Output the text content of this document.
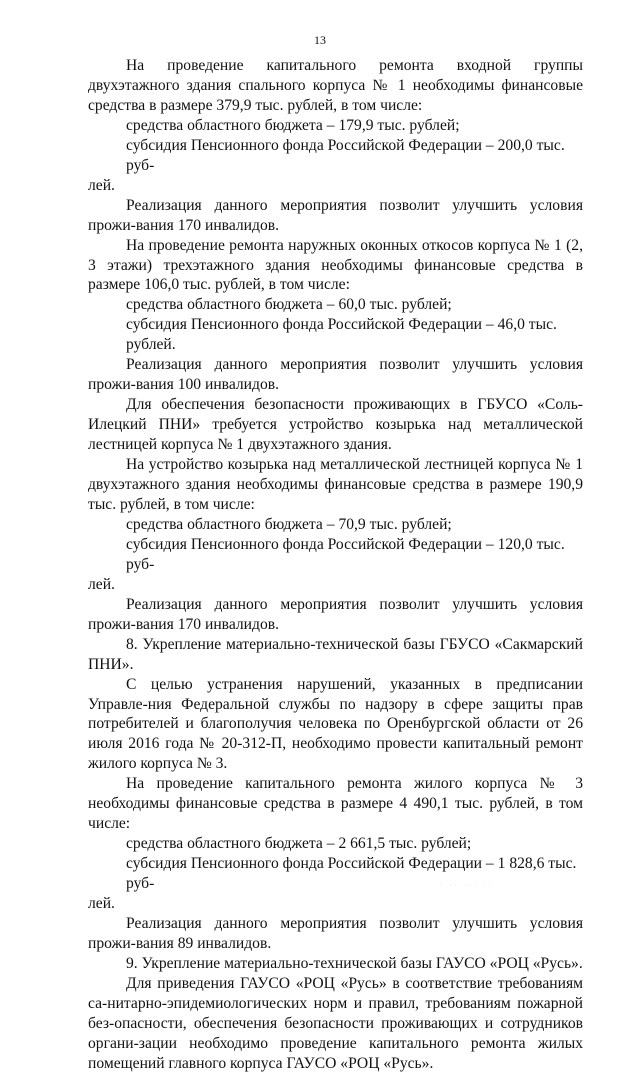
13

На проведение капитального ремонта входной группы двухэтажного здания спального корпуса № 1 необходимы финансовые средства в размере 379,9 тыс. рублей, в том числе:

средства областного бюджета – 179,9 тыс. рублей;

субсидия Пенсионного фонда Российской Федерации – 200,0 тыс. руб-

лей.

Реализация данного мероприятия позволит улучшить условия прожи-вания 170 инвалидов.

На проведение ремонта наружных оконных откосов корпуса № 1 (2, 3 этажи) трехэтажного здания необходимы финансовые средства в размере 106,0 тыс. рублей, в том числе:

средства областного бюджета – 60,0 тыс. рублей;

субсидия Пенсионного фонда Российской Федерации – 46,0 тыс. рублей.

Реализация данного мероприятия позволит улучшить условия прожи-вания 100 инвалидов.

Для обеспечения безопасности проживающих в ГБУСО «Соль-Илецкий ПНИ» требуется устройство козырька над металлической лестницей корпуса № 1 двухэтажного здания.

На устройство козырька над металлической лестницей корпуса № 1 двухэтажного здания необходимы финансовые средства в размере 190,9 тыс. рублей, в том числе:

средства областного бюджета – 70,9 тыс. рублей;

субсидия Пенсионного фонда Российской Федерации – 120,0 тыс. руб-

лей.

Реализация данного мероприятия позволит улучшить условия прожи-вания 170 инвалидов.

8. Укрепление материально-технической базы ГБУСО «Сакмарский ПНИ».

С целью устранения нарушений, указанных в предписании Управле-ния Федеральной службы по надзору в сфере защиты прав потребителей и благополучия человека по Оренбургской области от 26 июля 2016 года № 20-312-П, необходимо провести капитальный ремонт жилого корпуса № 3.

На проведение капитального ремонта жилого корпуса № 3 необходимы финансовые средства в размере 4 490,1 тыс. рублей, в том числе:

средства областного бюджета – 2 661,5 тыс. рублей;

субсидия Пенсионного фонда Российской Федерации – 1 828,6 тыс. руб-

лей.

Реализация данного мероприятия позволит улучшить условия прожи-вания 89 инвалидов.

9. Укрепление материально-технической базы ГАУСО «РОЦ «Русь».

Для приведения ГАУСО «РОЦ «Русь» в соответствие требованиям са-нитарно-эпидемиологических норм и правил, требованиям пожарной без-опасности, обеспечения безопасности проживающих и сотрудников органи-зации необходимо проведение капитального ремонта жилых помещений главного корпуса ГАУСО «РОЦ «Русь».

· ·· ··· ··
